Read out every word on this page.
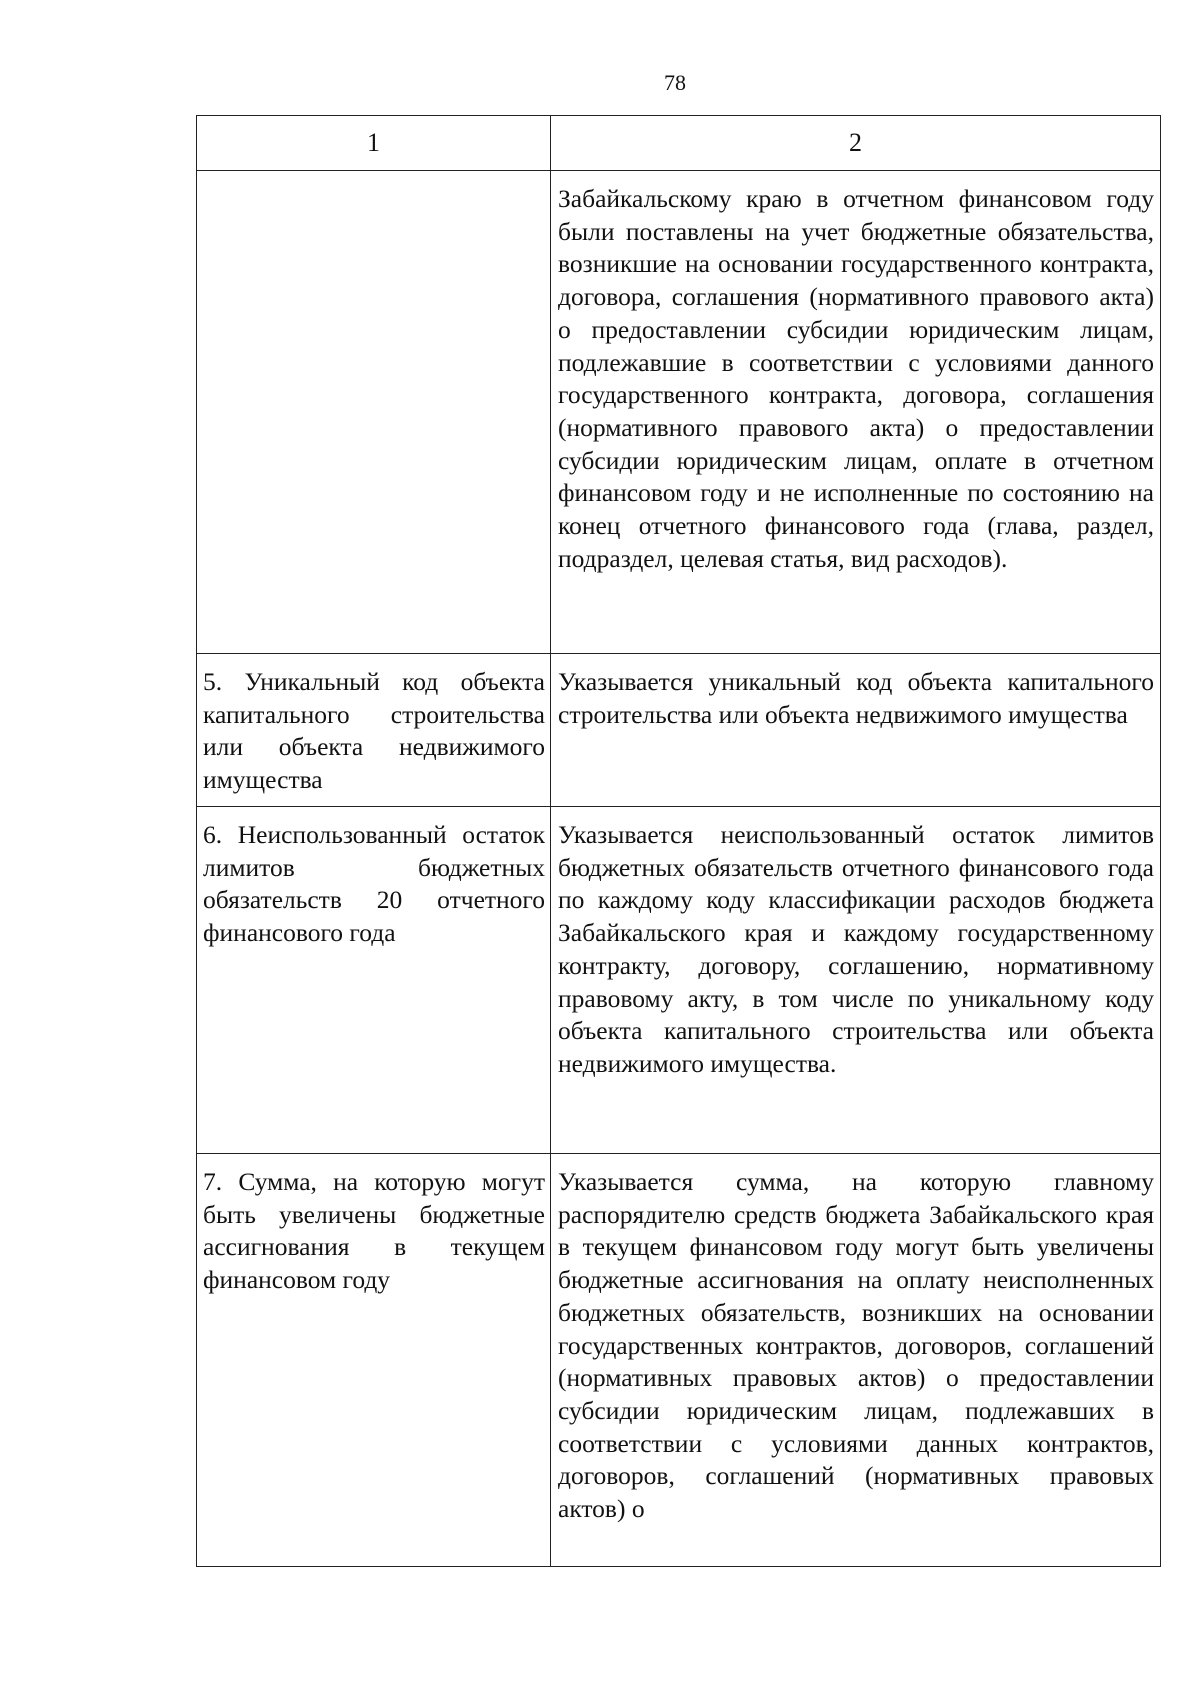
78
1	2

	Забайкальскому краю в отчетном финансовом году были поставлены на учет бюджетные обязательства, возникшие на основании государственного контракта, договора, соглашения (нормативного правового акта) о предоставлении субсидии юридическим лицам, подлежавшие в соответствии с условиями данного государственного контракта, договора, соглашения (нормативного правового акта) о предоставлении субсидии юридическим лицам, оплате в отчетном финансовом году и не исполненные по состоянию на конец отчетного финансового года (глава, раздел, подраздел, целевая статья, вид расходов).

5. Уникальный код объекта капитального строительства или объекта недвижимого имущества	Указывается уникальный код объекта капитального строительства или объекта недвижимого имущества

6. Неиспользованный остаток лимитов бюджетных обязательств 20 отчетного финансового года	Указывается неиспользованный остаток лимитов бюджетных обязательств отчетного финансового года по каждому коду классификации расходов бюджета Забайкальского края и каждому государственному контракту, договору, соглашению, нормативному правовому акту, в том числе по уникальному коду объекта капитального строительства или объекта недвижимого имущества.

7. Сумма, на которую могут быть увеличены бюджетные ассигнования в текущем финансовом году	Указывается сумма, на которую главному распорядителю средств бюджета Забайкальского края в текущем финансовом году могут быть увеличены бюджетные ассигнования на оплату неисполненных бюджетных обязательств, возникших на основании государственных контрактов, договоров, соглашений (нормативных правовых актов) о предоставлении субсидии юридическим лицам, подлежавших в соответствии с условиями данных контрактов, договоров, соглашений (нормативных правовых актов) о
